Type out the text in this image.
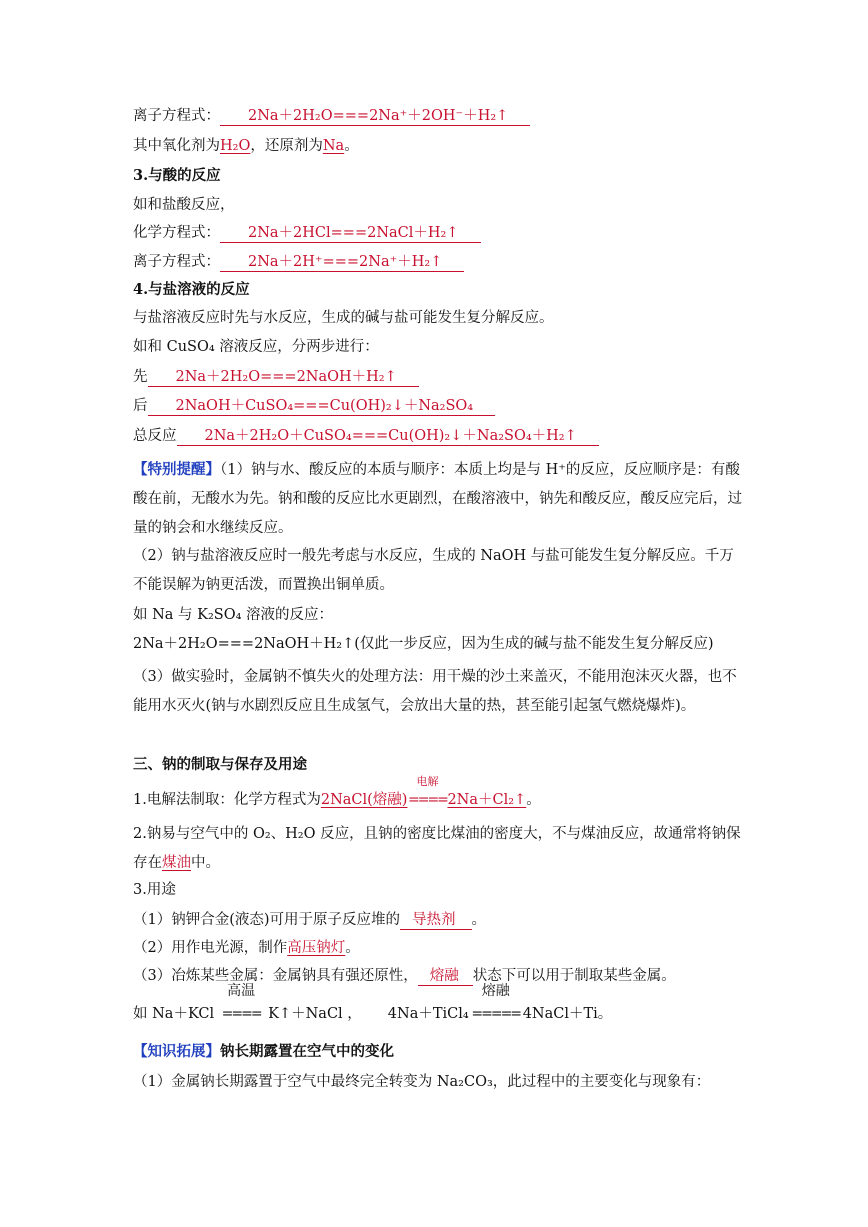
离子方程式： 2Na＋2H₂O===2Na⁺＋2OH⁻＋H₂↑
其中氧化剂为H₂O，还原剂为Na。
3.与酸的反应
如和盐酸反应，
化学方程式： 2Na＋2HCl===2NaCl＋H₂↑
离子方程式： 2Na＋2H⁺===2Na⁺＋H₂↑
4.与盐溶液的反应
与盐溶液反应时先与水反应，生成的碱与盐可能发生复分解反应。
如和 CuSO₄ 溶液反应，分两步进行：
先 2Na＋2H₂O===2NaOH＋H₂↑
后 2NaOH＋CuSO₄===Cu(OH)₂↓＋Na₂SO₄
总反应 2Na＋2H₂O＋CuSO₄===Cu(OH)₂↓＋Na₂SO₄＋H₂↑
【特别提醒】（1）钠与水、酸反应的本质与顺序：本质上均是与 H⁺的反应，反应顺序是：有酸酸在前，无酸水为先。钠和酸的反应比水更剧烈，在酸溶液中，钠先和酸反应，酸反应完后，过量的钠会和水继续反应。
（2）钠与盐溶液反应时一般先考虑与水反应，生成的 NaOH 与盐可能发生复分解反应。千万不能误解为钠更活泼，而置换出铜单质。
如 Na 与 K₂SO₄ 溶液的反应：
2Na＋2H₂O===2NaOH＋H₂↑(仅此一步反应，因为生成的碱与盐不能发生复分解反应)
（3）做实验时，金属钠不慎失火的处理方法：用干燥的沙土来盖灭，不能用泡沫灭火器，也不能用水灭火(钠与水剧烈反应且生成氢气，会放出大量的热，甚至能引起氢气燃烧爆炸)。
三、钠的制取与保存及用途
1.电解法制取：化学方程式为2NaCl(熔融)
电解
====2Na＋Cl₂↑。
2.钠易与空气中的 O₂、H₂O 反应，且钠的密度比煤油的密度大，不与煤油反应，故通常将钠保存在煤油中。
3.用途
（1）钠钾合金(液态)可用于原子反应堆的 导热剂 。
（2）用作电光源，制作高压钠灯。
（3）冶炼某些金属：金属钠具有强还原性， 熔融 状态下可以用于制取某些金属。
如 Na＋KCl
高温
==== K↑＋NaCl ， 4Na＋TiCl₄
熔融
===== 4NaCl＋Ti。
【知识拓展】钠长期露置在空气中的变化
（1）金属钠长期露置于空气中最终完全转变为 Na₂CO₃，此过程中的主要变化与现象有：
